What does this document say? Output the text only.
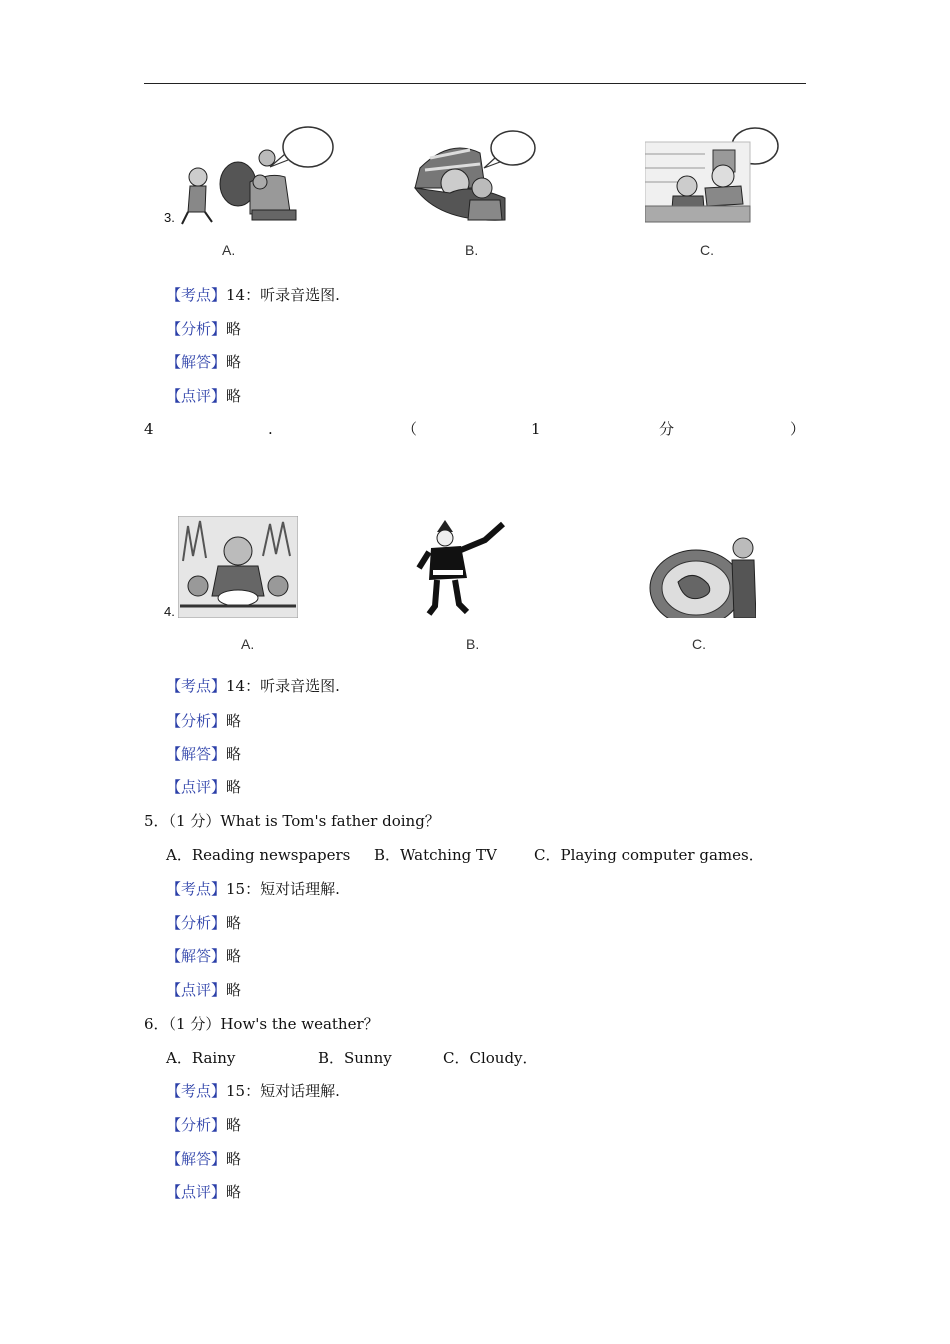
3.
A.	B.	C.
【考点】14：听录音选图.
【分析】略
【解答】略
【点评】略
4	.	（	1	分	）
4.
A.	B.	C.
【考点】14：听录音选图.
【分析】略
【解答】略
【点评】略
5．（1 分）What is Tom's father doing？
A．Reading newspapers B．Watching TV C．Playing computer games．
【考点】15：短对话理解.
【分析】略
【解答】略
【点评】略
6．（1 分）How's the weather？
A．Rainy	B．Sunny	C．Cloudy．
【考点】15：短对话理解.
【分析】略
【解答】略
【点评】略
